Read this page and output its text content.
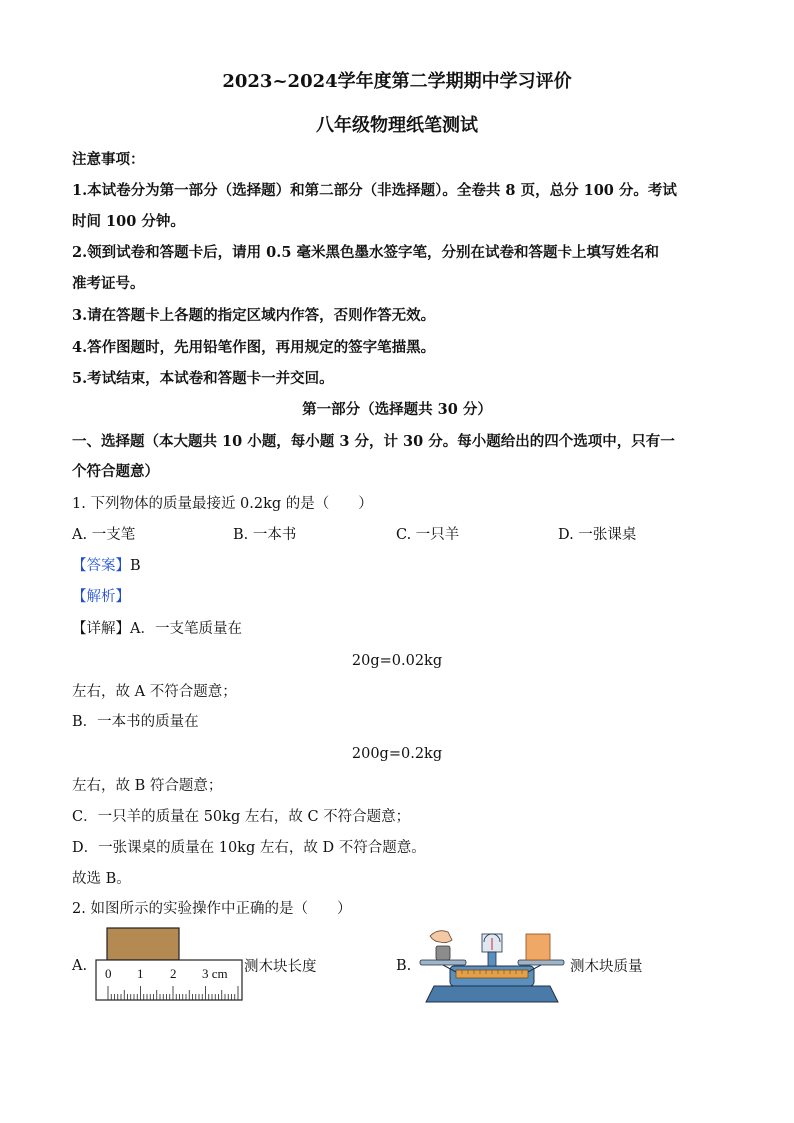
2023~2024学年度第二学期期中学习评价
八年级物理纸笔测试
注意事项：
1.本试卷分为第一部分（选择题）和第二部分（非选择题）。全卷共 8 页，总分 100 分。考试
时间 100 分钟。
2.领到试卷和答题卡后，请用 0.5 毫米黑色墨水签字笔，分别在试卷和答题卡上填写姓名和
准考证号。
3.请在答题卡上各题的指定区域内作答，否则作答无效。
4.答作图题时，先用铅笔作图，再用规定的签字笔描黑。
5.考试结束，本试卷和答题卡一并交回。
第一部分（选择题共 30 分）
一、选择题（本大题共 10 小题，每小题 3 分，计 30 分。每小题给出的四个选项中，只有一
个符合题意）
1. 下列物体的质量最接近 0.2kg 的是（　　）
A. 一支笔	B. 一本书	C. 一只羊	D. 一张课桌
【答案】B
【解析】
【详解】A．一支笔质量在
20g=0.02kg
左右，故 A 不符合题意；
B．一本书的质量在
200g=0.2kg
左右，故 B 符合题意；
C．一只羊的质量在 50kg 左右，故 C 不符合题意；
D．一张课桌的质量在 10kg 左右，故 D 不符合题意。
故选 B。
2. 如图所示的实验操作中正确的是（　　）
A. 0 1 2 3 cm 测木块长度	B.	测木块质量
